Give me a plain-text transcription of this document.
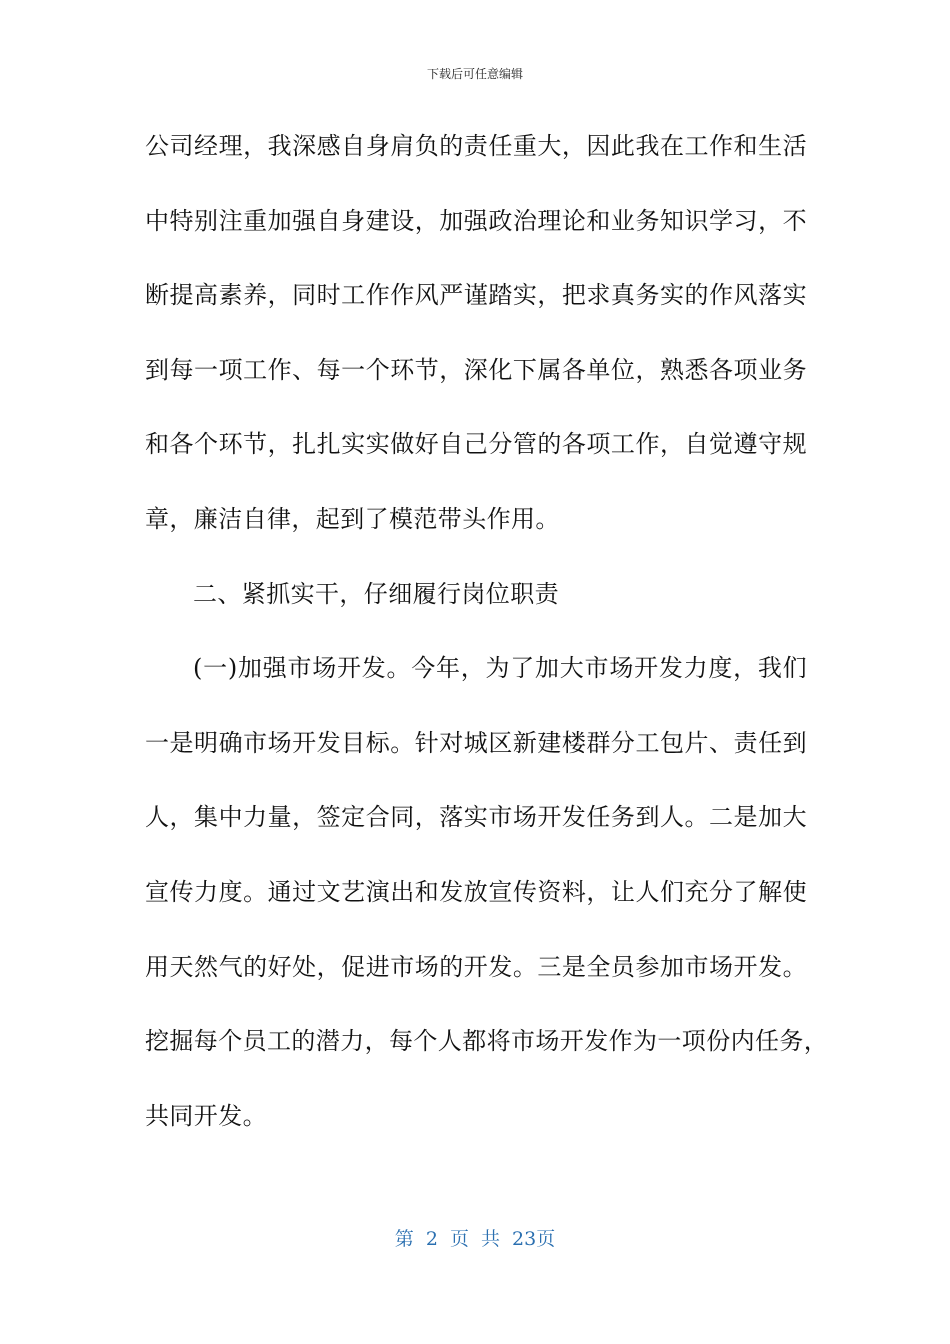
下载后可任意编辑
公司经理，我深感自身肩负的责任重大，因此我在工作和生活
中特别注重加强自身建设，加强政治理论和业务知识学习，不
断提高素养，同时工作作风严谨踏实，把求真务实的作风落实
到每一项工作、每一个环节，深化下属各单位，熟悉各项业务
和各个环节，扎扎实实做好自己分管的各项工作，自觉遵守规
章，廉洁自律，起到了模范带头作用。
二、紧抓实干，仔细履行岗位职责
(一)加强市场开发。今年，为了加大市场开发力度，我们
一是明确市场开发目标。针对城区新建楼群分工包片、责任到
人，集中力量，签定合同，落实市场开发任务到人。二是加大
宣传力度。通过文艺演出和发放宣传资料，让人们充分了解使
用天然气的好处，促进市场的开发。三是全员参加市场开发。
挖掘每个员工的潜力，每个人都将市场开发作为一项份内任务，
共同开发。
第 2 页 共 23页
